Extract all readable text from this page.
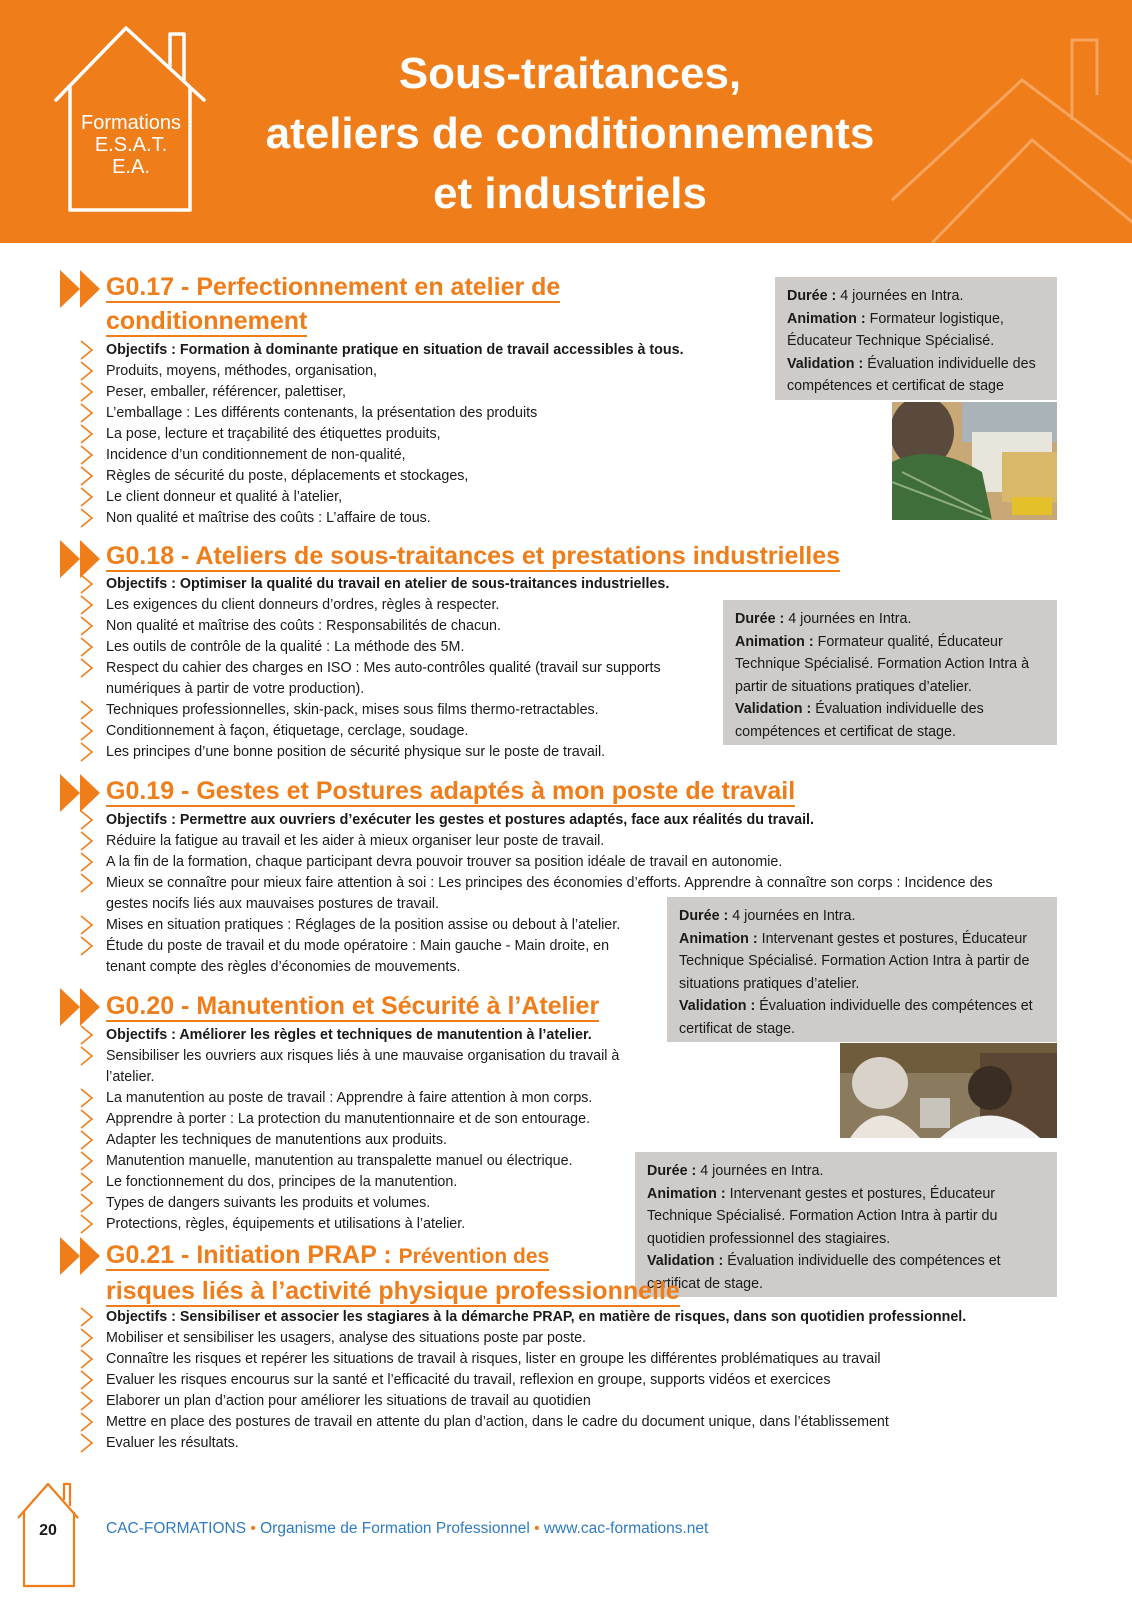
Formations
E.S.A.T.
E.A.
Sous-traitances,
ateliers de conditionnements
et industriels
G0.17 - Perfectionnement en atelier de
conditionnement
Objectifs : Formation à dominante pratique en situation de travail accessibles à tous.
Produits, moyens, méthodes, organisation,
Peser, emballer, référencer, palettiser,
L’emballage : Les différents contenants, la présentation des produits
La pose, lecture et traçabilité des étiquettes produits,
Incidence d’un conditionnement de non-qualité,
Règles de sécurité du poste, déplacements et stockages,
Le client donneur et qualité à l’atelier,
Non qualité et maîtrise des coûts : L’affaire de tous.
Durée : 4 journées en Intra.
Animation : Formateur logistique, Éducateur Technique Spécialisé.
Validation : Évaluation individuelle des compétences et certificat de stage
G0.18 - Ateliers de sous-traitances et prestations industrielles
Objectifs : Optimiser la qualité du travail en atelier de sous-traitances industrielles.
Les exigences du client donneurs d’ordres, règles à respecter.
Non qualité et maîtrise des coûts : Responsabilités de chacun.
Les outils de contrôle de la qualité : La méthode des 5M.
Respect du cahier des charges en ISO : Mes auto-contrôles qualité (travail sur supports numériques à partir de votre production).
Techniques professionnelles, skin-pack, mises sous films thermo-retractables.
Conditionnement à façon, étiquetage, cerclage, soudage.
Les principes d’une bonne position de sécurité physique sur le poste de travail.
Durée : 4 journées en Intra.
Animation : Formateur qualité, Éducateur Technique Spécialisé. Formation Action Intra à partir de situations pratiques d’atelier.
Validation : Évaluation individuelle des compétences et certificat de stage.
G0.19 - Gestes et Postures adaptés à mon poste de travail
Objectifs : Permettre aux ouvriers d’exécuter les gestes et postures adaptés, face aux réalités du travail.
Réduire la fatigue au travail et les aider à mieux organiser leur poste de travail.
A la fin de la formation, chaque participant devra pouvoir trouver sa position idéale de travail en autonomie.
Mieux se connaître pour mieux faire attention à soi : Les principes des économies d’efforts. Apprendre à connaître son corps : Incidence des
gestes nocifs liés aux mauvaises postures de travail.
Mises en situation pratiques : Réglages de la position assise ou debout à l’atelier.
Étude du poste de travail et du mode opératoire : Main gauche - Main droite, en tenant compte des règles d’économies de mouvements.
Durée : 4 journées en Intra.
Animation : Intervenant gestes et postures, Éducateur Technique Spécialisé. Formation Action Intra à partir de situations pratiques d’atelier.
Validation : Évaluation individuelle des compétences et certificat de stage.
G0.20 - Manutention et Sécurité à l’Atelier
Objectifs : Améliorer les règles et techniques de manutention à l’atelier.
Sensibiliser les ouvriers aux risques liés à une mauvaise organisation du travail à l’atelier.
La manutention au poste de travail : Apprendre à faire attention à mon corps.
Apprendre à porter : La protection du manutentionnaire et de son entourage.
Adapter les techniques de manutentions aux produits.
Manutention manuelle, manutention au transpalette manuel ou électrique.
Le fonctionnement du dos, principes de la manutention.
Types de dangers suivants les produits et volumes.
Protections, règles, équipements et utilisations à l’atelier.
Durée : 4 journées en Intra.
Animation : Intervenant gestes et postures, Éducateur Technique Spécialisé. Formation Action Intra à partir du quotidien professionnel des stagiaires.
Validation : Évaluation individuelle des compétences et certificat de stage.
G0.21 - Initiation PRAP : Prévention des
risques liés à l’activité physique professionnelle
Objectifs : Sensibiliser et associer les stagiares à la démarche PRAP, en matière de risques, dans son quotidien professionnel.
Mobiliser et sensibiliser les usagers, analyse des situations poste par poste.
Connaître les risques et repérer les situations de travail à risques, lister en groupe les différentes problématiques au travail
Evaluer les risques encourus sur la santé et l’efficacité du travail, reflexion en groupe, supports vidéos et exercices
Elaborer un plan d’action pour améliorer les situations de travail au quotidien
Mettre en place des postures de travail en attente du plan d’action, dans le cadre du document unique, dans l’établissement
Evaluer les résultats.
20	CAC-FORMATIONS • Organisme de Formation Professionnel • www.cac-formations.net
